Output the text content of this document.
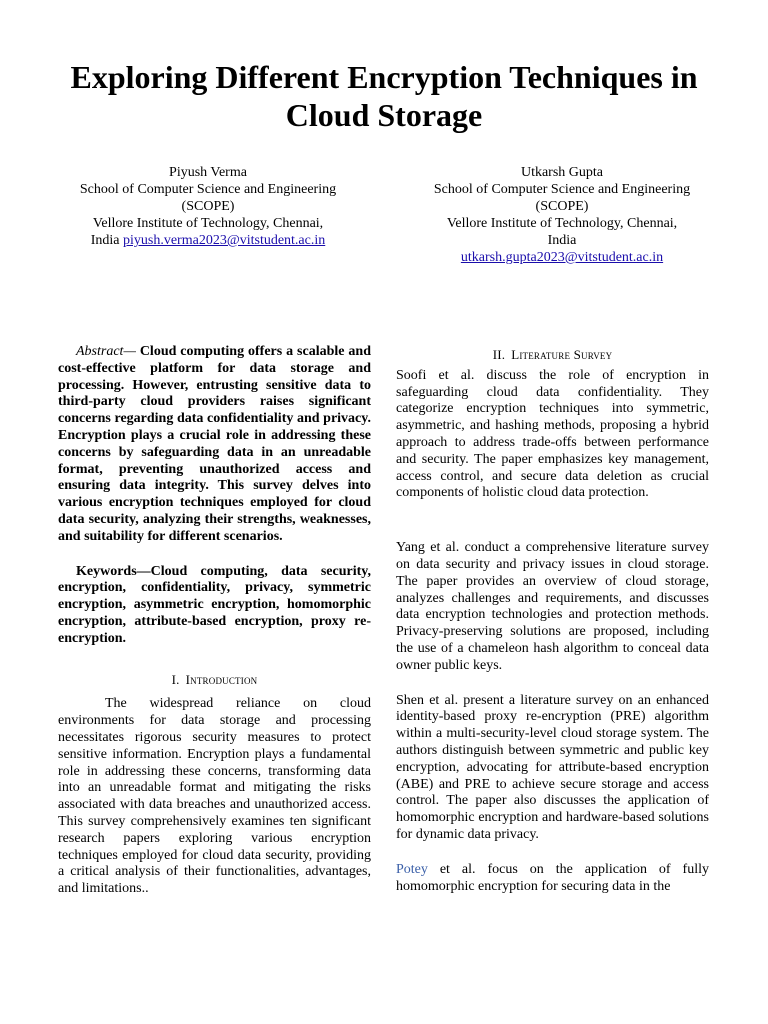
Exploring Different Encryption Techniques in Cloud Storage
Piyush Verma
School of Computer Science and Engineering
(SCOPE)
Vellore Institute of Technology, Chennai,
India piyush.verma2023@vitstudent.ac.in
Utkarsh Gupta
School of Computer Science and Engineering
(SCOPE)
Vellore Institute of Technology, Chennai,
India
utkarsh.gupta2023@vitstudent.ac.in

Abstract— Cloud computing offers a scalable and cost-effective platform for data storage and processing. However, entrusting sensitive data to third-party cloud providers raises significant concerns regarding data confidentiality and privacy. Encryption plays a crucial role in addressing these concerns by safeguarding data in an unreadable format, preventing unauthorized access and ensuring data integrity. This survey delves into various encryption techniques employed for cloud data security, analyzing their strengths, weaknesses, and suitability for different scenarios.

Keywords—Cloud computing, data security, encryption, confidentiality, privacy, symmetric encryption, asymmetric encryption, homomorphic encryption, attribute-based encryption, proxy re-encryption.

I. Introduction

The widespread reliance on cloud environments for data storage and processing necessitates rigorous security measures to protect sensitive information. Encryption plays a fundamental role in addressing these concerns, transforming data into an unreadable format and mitigating the risks associated with data breaches and unauthorized access. This survey comprehensively examines ten significant research papers exploring various encryption techniques employed for cloud data security, providing a critical analysis of their functionalities, advantages, and limitations..

II. Literature Survey

Soofi et al. discuss the role of encryption in safeguarding cloud data confidentiality. They categorize encryption techniques into symmetric, asymmetric, and hashing methods, proposing a hybrid approach to address trade-offs between performance and security. The paper emphasizes key management, access control, and secure data deletion as crucial components of holistic cloud data protection.

Yang et al. conduct a comprehensive literature survey on data security and privacy issues in cloud storage. The paper provides an overview of cloud storage, analyzes challenges and requirements, and discusses data encryption technologies and protection methods. Privacy-preserving solutions are proposed, including the use of a chameleon hash algorithm to conceal data owner public keys.

Shen et al. present a literature survey on an enhanced identity-based proxy re-encryption (PRE) algorithm within a multi-security-level cloud storage system. The authors distinguish between symmetric and public key encryption, advocating for attribute-based encryption (ABE) and PRE to achieve secure storage and access control. The paper also discusses the application of homomorphic encryption and hardware-based solutions for dynamic data privacy.

Potey et al. focus on the application of fully homomorphic encryption for securing data in the
